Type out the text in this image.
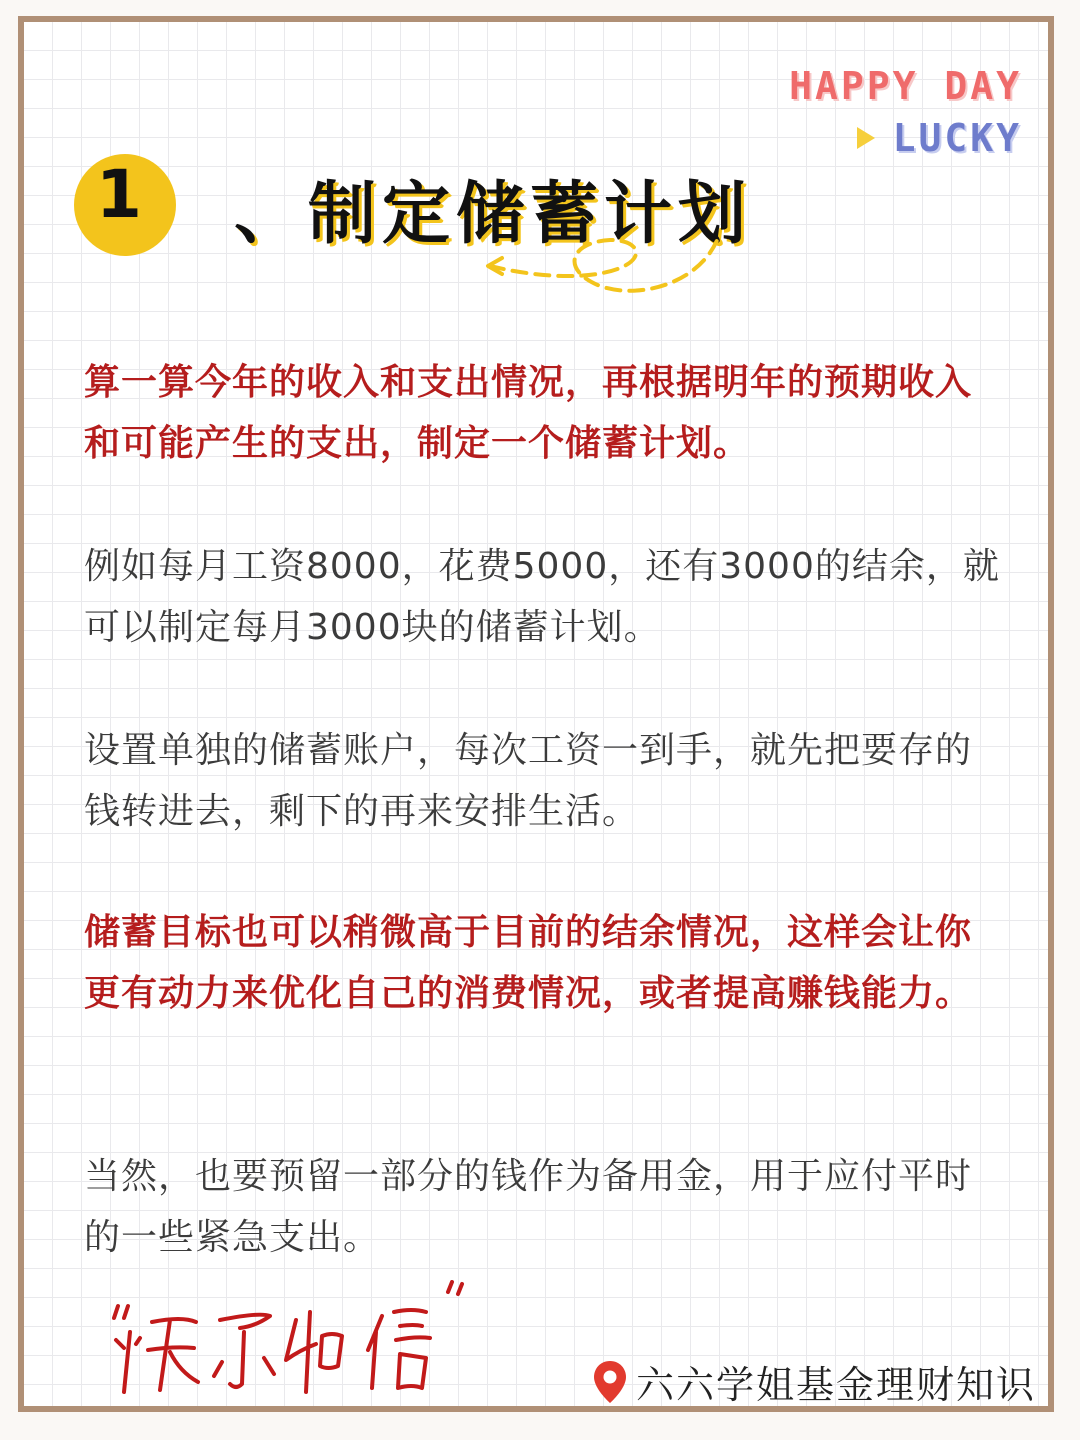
HAPPY DAY
LUCKY
1 、制定储蓄计划

算一算今年的收入和支出情况，再根据明年的预期收入和可能产生的支出，制定一个储蓄计划。

例如每月工资8000，花费5000，还有3000的结余，就可以制定每月3000块的储蓄计划。

设置单独的储蓄账户，每次工资一到手，就先把要存的钱转进去，剩下的再来安排生活。

储蓄目标也可以稍微高于目前的结余情况，这样会让你更有动力来优化自己的消费情况，或者提高赚钱能力。

当然，也要预留一部分的钱作为备用金，用于应付平时的一些紧急支出。

六六学姐基金理财知识
